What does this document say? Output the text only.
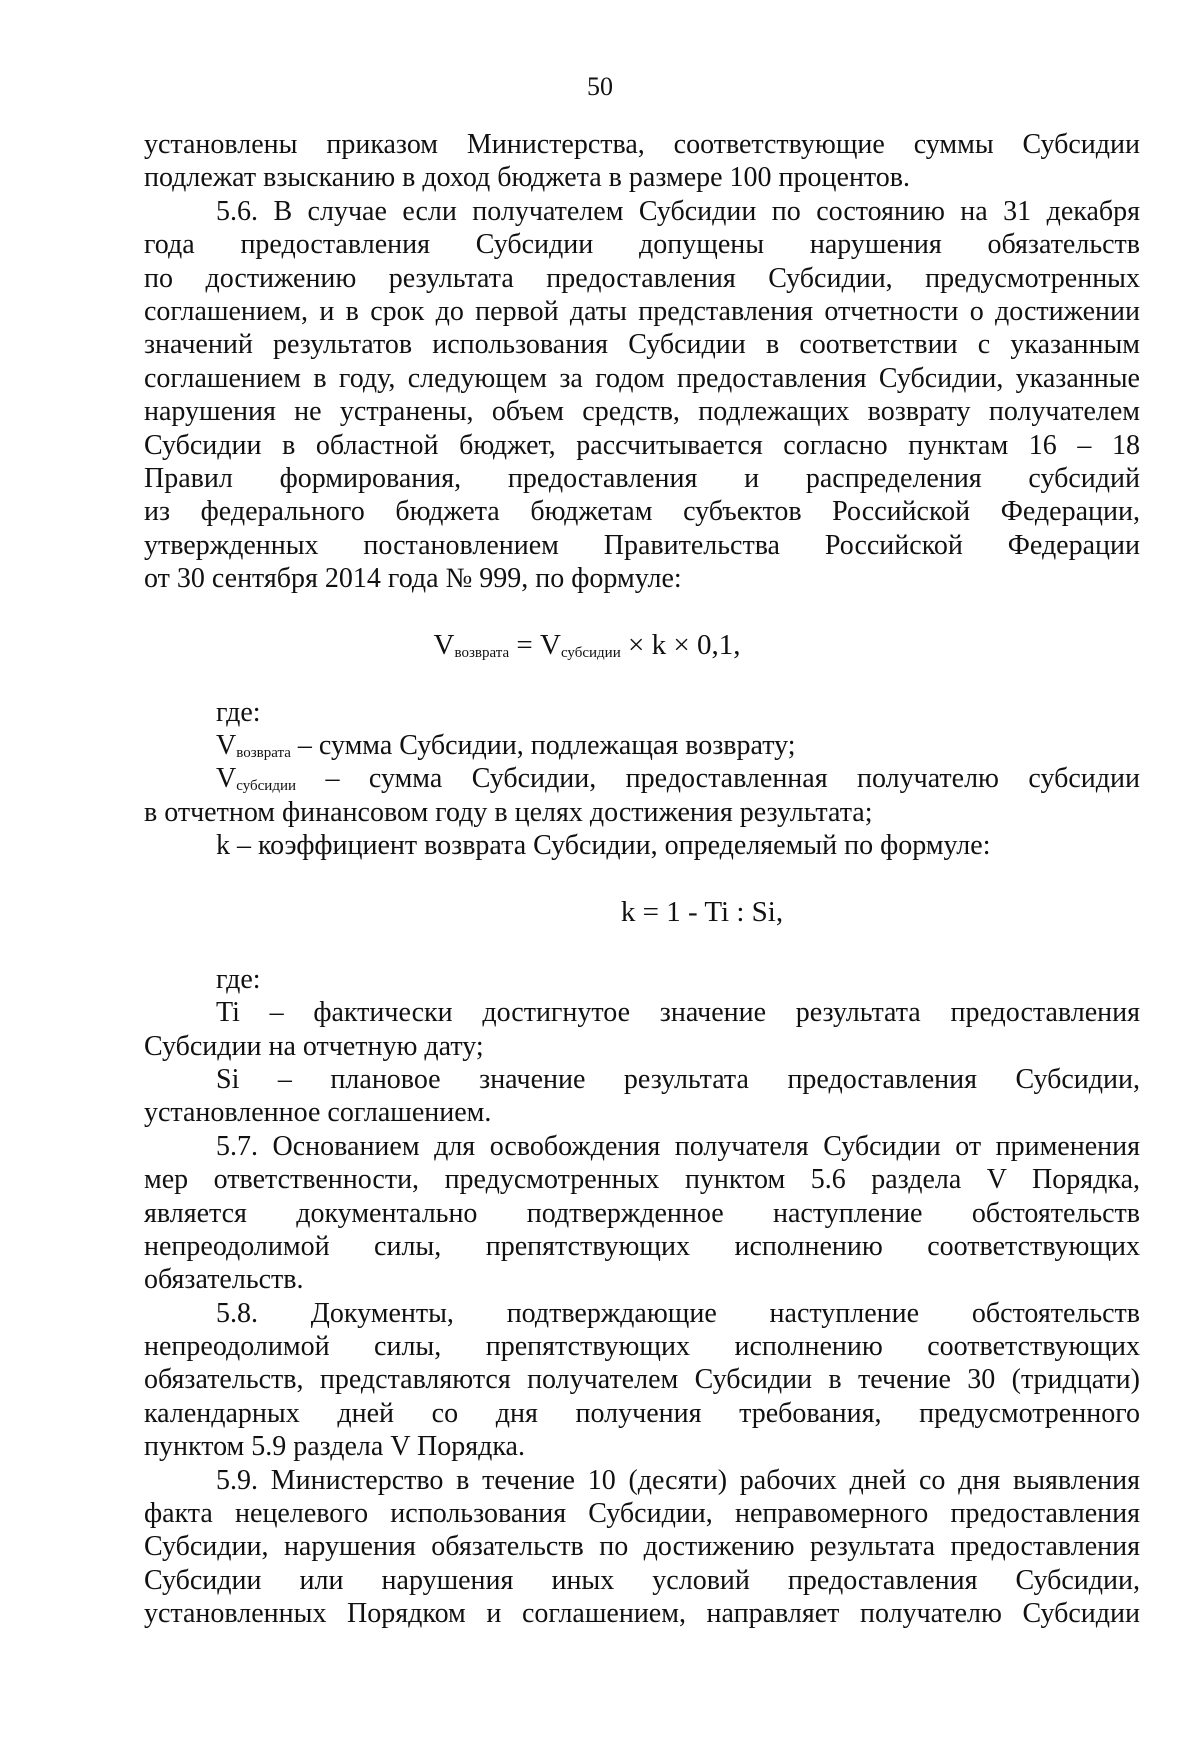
50
установлены приказом Министерства, соответствующие суммы Субсидии
подлежат взысканию в доход бюджета в размере 100 процентов.
5.6. В случае если получателем Субсидии по состоянию на 31 декабря
года предоставления Субсидии допущены нарушения обязательств
по достижению результата предоставления Субсидии, предусмотренных
соглашением, и в срок до первой даты представления отчетности о достижении
значений результатов использования Субсидии в соответствии с указанным
соглашением в году, следующем за годом предоставления Субсидии, указанные
нарушения не устранены, объем средств, подлежащих возврату получателем
Субсидии в областной бюджет, рассчитывается согласно пунктам 16 – 18
Правил формирования, предоставления и распределения субсидий
из федерального бюджета бюджетам субъектов Российской Федерации,
утвержденных постановлением Правительства Российской Федерации
от 30 сентября 2014 года № 999, по формуле:
$V_{возврата} = V_{субсидии} \times k \times 0,1$,
где:
$V_{возврата}$ – сумма Субсидии, подлежащая возврату;
$V_{субсидии}$ – сумма Субсидии, предоставленная получателю субсидии
в отчетном финансовом году в целях достижения результата;
k – коэффициент возврата Субсидии, определяемый по формуле:
k = 1 - Ti : Si,
где:
Ti – фактически достигнутое значение результата предоставления
Субсидии на отчетную дату;
Si – плановое значение результата предоставления Субсидии,
установленное соглашением.
5.7. Основанием для освобождения получателя Субсидии от применения
мер ответственности, предусмотренных пунктом 5.6 раздела V Порядка,
является документально подтвержденное наступление обстоятельств
непреодолимой силы, препятствующих исполнению соответствующих
обязательств.
5.8. Документы, подтверждающие наступление обстоятельств
непреодолимой силы, препятствующих исполнению соответствующих
обязательств, представляются получателем Субсидии в течение 30 (тридцати)
календарных дней со дня получения требования, предусмотренного
пунктом 5.9 раздела V Порядка.
5.9. Министерство в течение 10 (десяти) рабочих дней со дня выявления
факта нецелевого использования Субсидии, неправомерного предоставления
Субсидии, нарушения обязательств по достижению результата предоставления
Субсидии или нарушения иных условий предоставления Субсидии,
установленных Порядком и соглашением, направляет получателю Субсидии
